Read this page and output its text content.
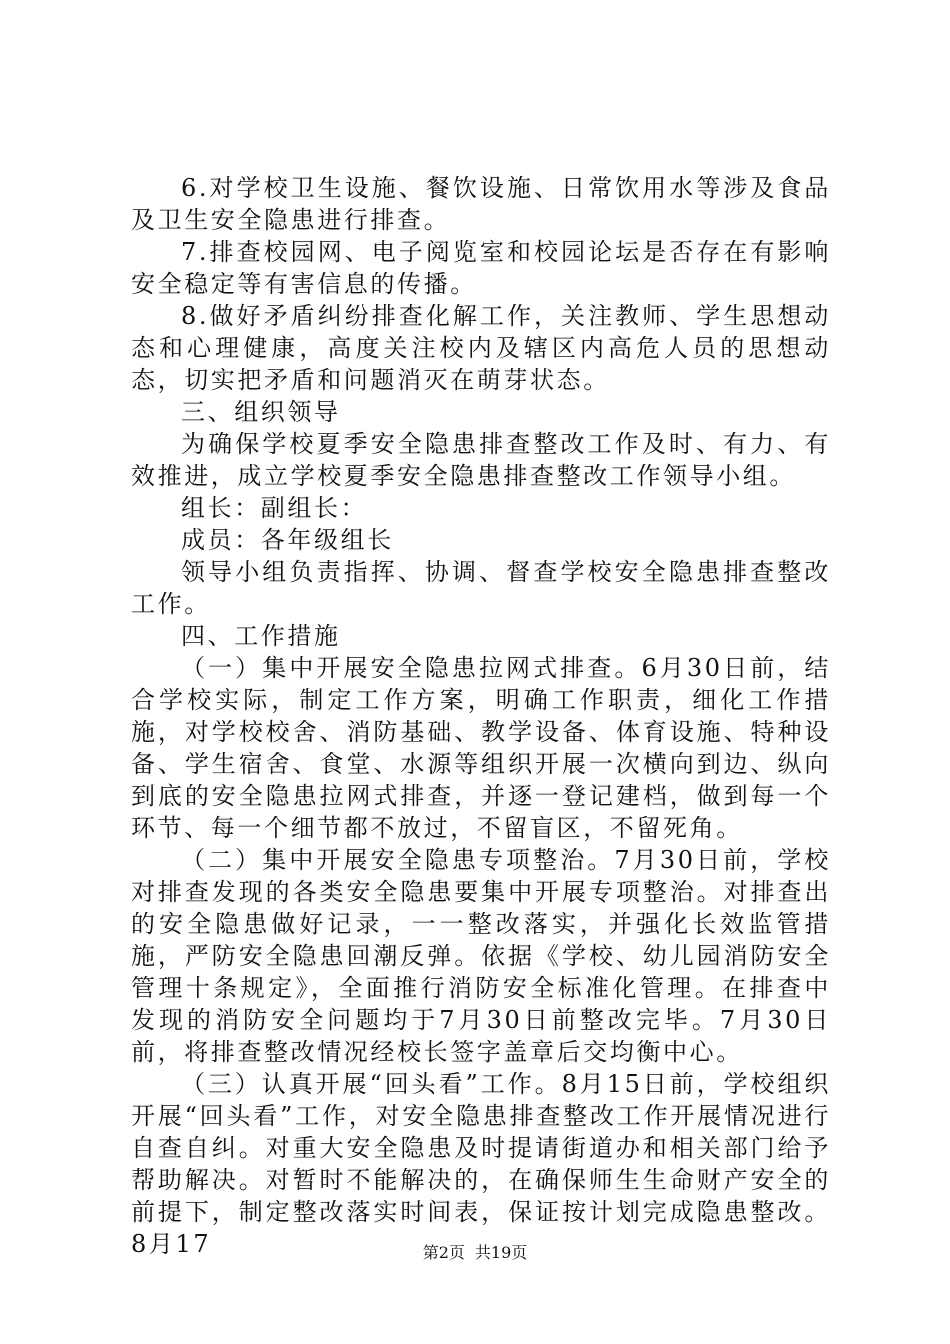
6.对学校卫生设施、餐饮设施、日常饮用水等涉及食品及卫生安全隐患进行排查。

7.排查校园网、电子阅览室和校园论坛是否存在有影响安全稳定等有害信息的传播。

8.做好矛盾纠纷排查化解工作，关注教师、学生思想动态和心理健康，高度关注校内及辖区内高危人员的思想动态，切实把矛盾和问题消灭在萌芽状态。

三、组织领导

为确保学校夏季安全隐患排查整改工作及时、有力、有效推进，成立学校夏季安全隐患排查整改工作领导小组。

组长：副组长：

成员：各年级组长

领导小组负责指挥、协调、督查学校安全隐患排查整改工作。

四、工作措施

（一）集中开展安全隐患拉网式排查。6月30日前，结合学校实际，制定工作方案，明确工作职责，细化工作措施，对学校校舍、消防基础、教学设备、体育设施、特种设备、学生宿舍、食堂、水源等组织开展一次横向到边、纵向到底的安全隐患拉网式排查，并逐一登记建档，做到每一个环节、每一个细节都不放过，不留盲区，不留死角。

（二）集中开展安全隐患专项整治。7月30日前，学校对排查发现的各类安全隐患要集中开展专项整治。对排查出的安全隐患做好记录，一一整改落实，并强化长效监管措施，严防安全隐患回潮反弹。依据《学校、幼儿园消防安全管理十条规定》，全面推行消防安全标准化管理。在排查中发现的消防安全问题均于7月30日前整改完毕。7月30日前，将排查整改情况经校长签字盖章后交均衡中心。

（三）认真开展“回头看”工作。8月15日前，学校组织开展“回头看”工作，对安全隐患排查整改工作开展情况进行自查自纠。对重大安全隐患及时提请街道办和相关部门给予帮助解决。对暂时不能解决的，在确保师生生命财产安全的前提下，制定整改落实时间表，保证按计划完成隐患整改。8月17	第2页 共19页
